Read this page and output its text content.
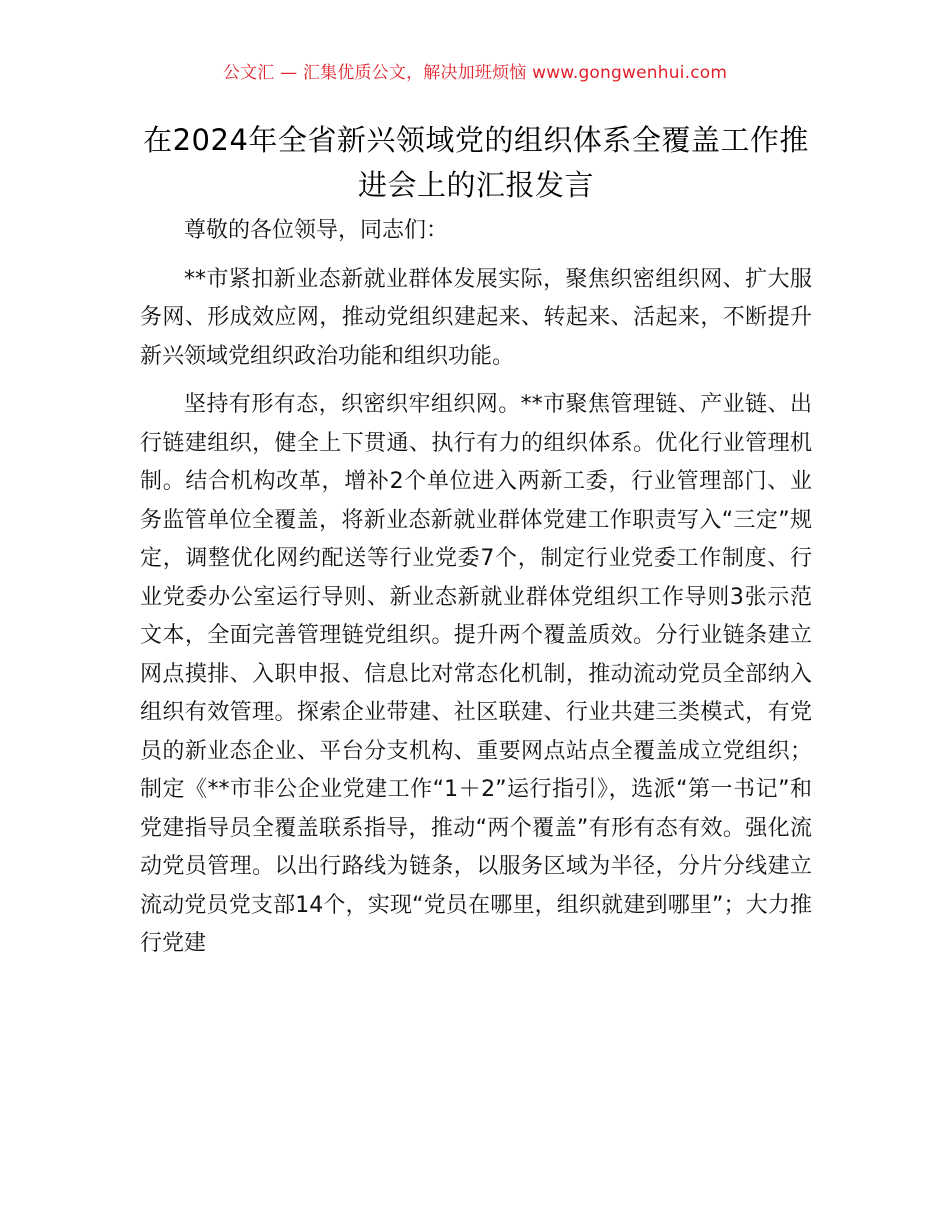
公文汇 — 汇集优质公文，解决加班烦恼 www.gongwenhui.com
在2024年全省新兴领域党的组织体系全覆盖工作推进会上的汇报发言

尊敬的各位领导，同志们：

**市紧扣新业态新就业群体发展实际，聚焦织密组织网、扩大服务网、形成效应网，推动党组织建起来、转起来、活起来，不断提升新兴领域党组织政治功能和组织功能。

坚持有形有态，织密织牢组织网。**市聚焦管理链、产业链、出行链建组织，健全上下贯通、执行有力的组织体系。优化行业管理机制。结合机构改革，增补2个单位进入两新工委，行业管理部门、业务监管单位全覆盖，将新业态新就业群体党建工作职责写入“三定”规定，调整优化网约配送等行业党委7个，制定行业党委工作制度、行业党委办公室运行导则、新业态新就业群体党组织工作导则3张示范文本，全面完善管理链党组织。提升两个覆盖质效。分行业链条建立网点摸排、入职申报、信息比对常态化机制，推动流动党员全部纳入组织有效管理。探索企业带建、社区联建、行业共建三类模式，有党员的新业态企业、平台分支机构、重要网点站点全覆盖成立党组织；制定《**市非公企业党建工作“1＋2”运行指引》，选派“第一书记”和党建指导员全覆盖联系指导，推动“两个覆盖”有形有态有效。强化流动党员管理。以出行路线为链条，以服务区域为半径，分片分线建立流动党员党支部14个，实现“党员在哪里，组织就建到哪里”；大力推行党建
